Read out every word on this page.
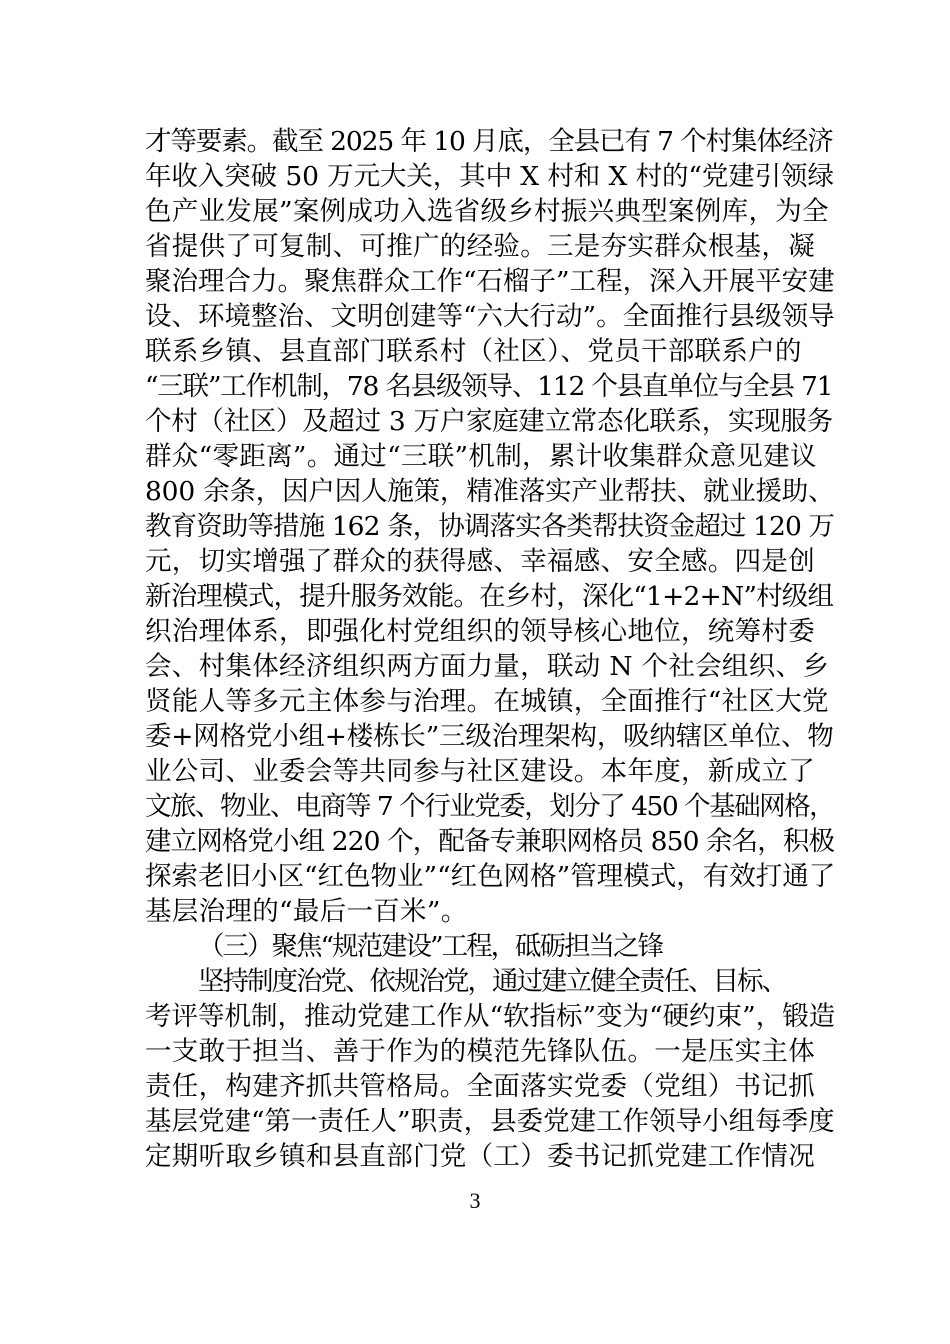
才等要素。截至 2025 年 10 月底，全县已有 7 个村集体经济
年收入突破 50 万元大关，其中 X 村和 X 村的“党建引领绿
色产业发展”案例成功入选省级乡村振兴典型案例库，为全
省提供了可复制、可推广的经验。三是夯实群众根基，凝
聚治理合力。聚焦群众工作“石榴子”工程，深入开展平安建
设、环境整治、文明创建等“六大行动”。全面推行县级领导
联系乡镇、县直部门联系村（社区）、党员干部联系户的
“三联”工作机制，78 名县级领导、112 个县直单位与全县 71
个村（社区）及超过 3 万户家庭建立常态化联系，实现服务
群众“零距离”。通过“三联”机制，累计收集群众意见建议
800 余条，因户因人施策，精准落实产业帮扶、就业援助、
教育资助等措施 162 条，协调落实各类帮扶资金超过 120 万
元，切实增强了群众的获得感、幸福感、安全感。四是创
新治理模式，提升服务效能。在乡村，深化“1+2+N”村级组
织治理体系，即强化村党组织的领导核心地位，统筹村委
会、村集体经济组织两方面力量，联动 N 个社会组织、乡
贤能人等多元主体参与治理。在城镇，全面推行“社区大党
委+网格党小组+楼栋长”三级治理架构，吸纳辖区单位、物
业公司、业委会等共同参与社区建设。本年度，新成立了
文旅、物业、电商等 7 个行业党委，划分了 450 个基础网格，
建立网格党小组 220 个，配备专兼职网格员 850 余名，积极
探索老旧小区“红色物业”“红色网格”管理模式，有效打通了
基层治理的“最后一百米”。
（三）聚焦“规范建设”工程，砥砺担当之锋
坚持制度治党、依规治党，通过建立健全责任、目标、
考评等机制，推动党建工作从“软指标”变为“硬约束”，锻造
一支敢于担当、善于作为的模范先锋队伍。一是压实主体
责任，构建齐抓共管格局。全面落实党委（党组）书记抓
基层党建“第一责任人”职责，县委党建工作领导小组每季度
定期听取乡镇和县直部门党（工）委书记抓党建工作情况
3
